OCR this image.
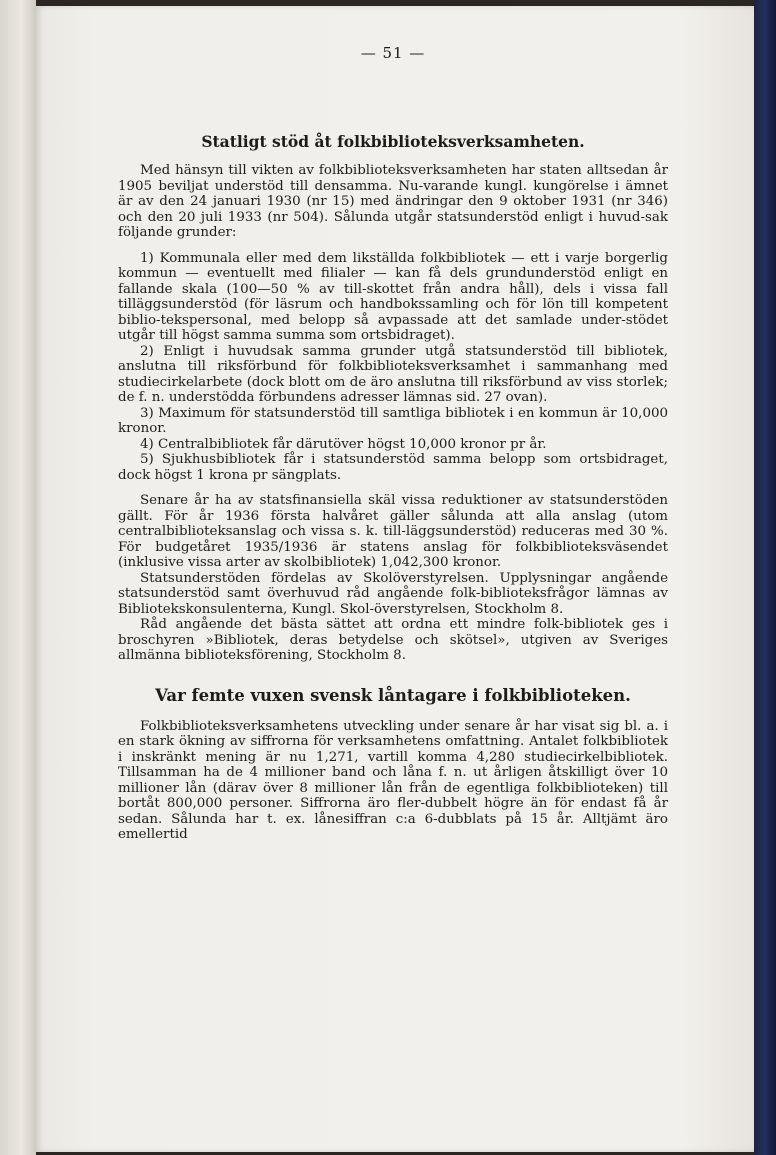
— 51 —
Statligt stöd åt folkbiblioteksverksamheten.

Med hänsyn till vikten av folkbiblioteksverksamheten har staten alltsedan år 1905 beviljat understöd till densamma. Nu-varande kungl. kungörelse i ämnet är av den 24 januari 1930 (nr 15) med ändringar den 9 oktober 1931 (nr 346) och den 20 juli 1933 (nr 504). Sålunda utgår statsunderstöd enligt i huvud-sak följande grunder:

1) Kommunala eller med dem likställda folkbibliotek — ett i varje borgerlig kommun — eventuellt med filialer — kan få dels grundunderstöd enligt en fallande skala (100—50 % av till-skottet från andra håll), dels i vissa fall tilläggsunderstöd (för läsrum och handbokssamling och för lön till kompetent biblio-tekspersonal, med belopp så avpassade att det samlade under-stödet utgår till högst samma summa som ortsbidraget).

2) Enligt i huvudsak samma grunder utgå statsunderstöd till bibliotek, anslutna till riksförbund för folkbiblioteksverksamhet i sammanhang med studiecirkelarbete (dock blott om de äro anslutna till riksförbund av viss storlek; de f. n. understödda förbundens adresser lämnas sid. 27 ovan).

3) Maximum för statsunderstöd till samtliga bibliotek i en kommun är 10,000 kronor.

4) Centralbibliotek får därutöver högst 10,000 kronor pr år.

5) Sjukhusbibliotek får i statsunderstöd samma belopp som ortsbidraget, dock högst 1 krona pr sängplats.

Senare år ha av statsfinansiella skäl vissa reduktioner av statsunderstöden gällt. För år 1936 första halvåret gäller sålunda att alla anslag (utom centralbiblioteksanslag och vissa s. k. till-läggsunderstöd) reduceras med 30 %. För budgetåret 1935/1936 är statens anslag för folkbiblioteksväsendet (inklusive vissa arter av skolbibliotek) 1,042,300 kronor.

Statsunderstöden fördelas av Skolöverstyrelsen. Upplysningar angående statsunderstöd samt överhuvud råd angående folk-biblioteksfrågor lämnas av Bibliotekskonsulenterna, Kungl. Skol-överstyrelsen, Stockholm 8.

Råd angående det bästa sättet att ordna ett mindre folk-bibliotek ges i broschyren »Bibliotek, deras betydelse och skötsel», utgiven av Sveriges allmänna biblioteksförening, Stockholm 8.

Var femte vuxen svensk låntagare i folkbiblioteken.

Folkbiblioteksverksamhetens utveckling under senare år har visat sig bl. a. i en stark ökning av siffrorna för verksamhetens omfattning. Antalet folkbibliotek i inskränkt mening är nu 1,271, vartill komma 4,280 studiecirkelbibliotek. Tillsamman ha de 4 millioner band och låna f. n. ut årligen åtskilligt över 10 millioner lån (därav över 8 millioner lån från de egentliga folkbiblioteken) till bortåt 800,000 personer. Siffrorna äro fler-dubbelt högre än för endast få år sedan. Sålunda har t. ex. lånesiffran c:a 6-dubblats på 15 år. Alltjämt äro emellertid
